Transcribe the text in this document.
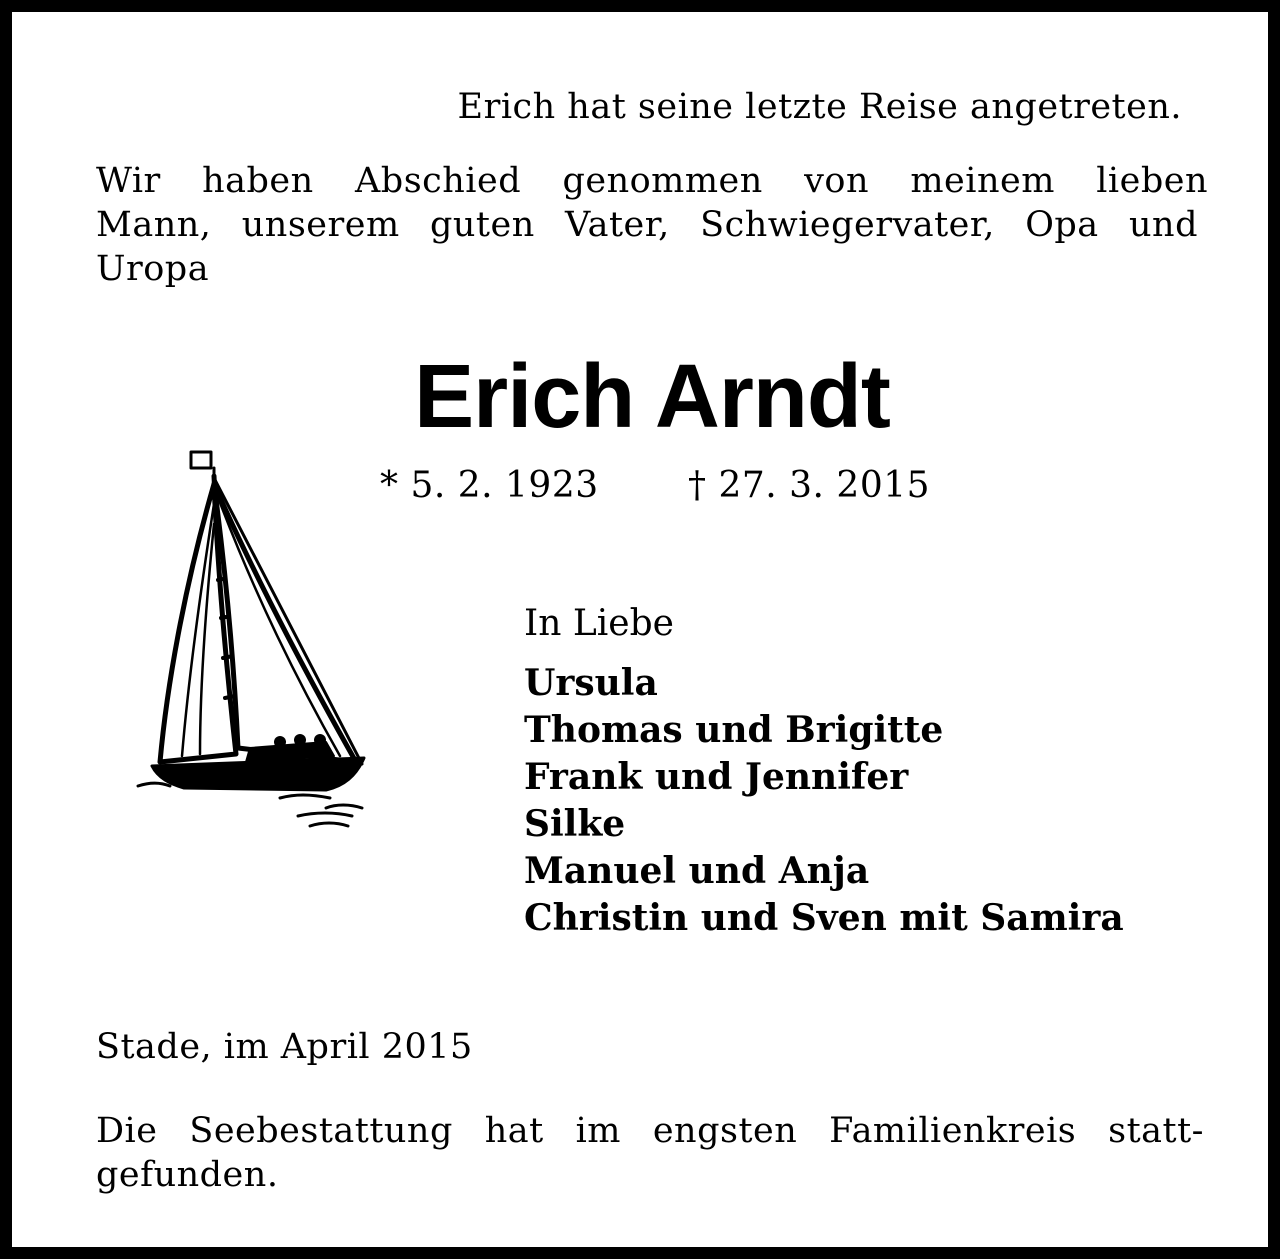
Erich hat seine letzte Reise angetreten.

Wir haben Abschied genommen von meinem lieben

Mann, unserem guten Vater, Schwiegervater, Opa und

Uropa

Erich Arndt

* 5. 2. 1923 † 27. 3. 2015

In Liebe

Ursula
Thomas und Brigitte
Frank und Jennifer
Silke
Manuel und Anja
Christin und Sven mit Samira

Stade, im April 2015

Die Seebestattung hat im engsten Familienkreis statt-

gefunden.
